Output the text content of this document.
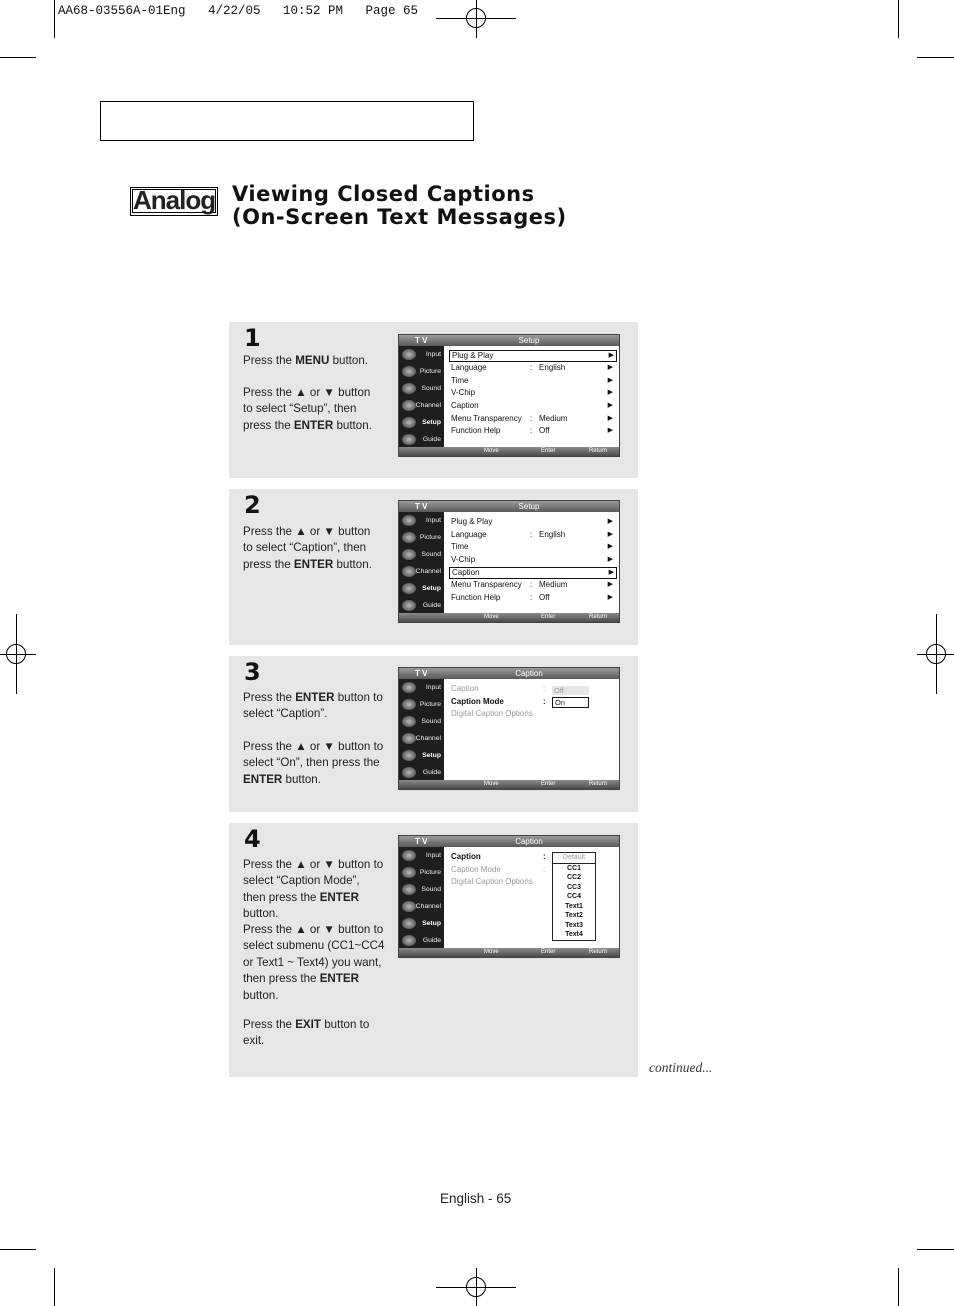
AA68-03556A-01Eng   4/22/05   10:52 PM   Page 65
Analog Viewing Closed Captions
(On-Screen Text Messages)
1
Press the MENU button.
Press the ▲ or ▼ button
to select “Setup”, then
press the ENTER button.
T V	Setup
Input
Picture
Sound
Channel
Setup
Guide
Plug & Play	▶
Language	: English	▶
Time	▶
V-Chip	▶
Caption	▶
Menu Transparency : Medium	▶
Function Help	: Off	▶
Move	Enter	Return
2
Press the ▲ or ▼ button
to select “Caption”, then
press the ENTER button.
T V	Setup
Input
Picture
Sound
Channel
Setup
Guide
Plug & Play	▶
Language	: English	▶
Time	▶
V-Chip	▶
Caption	▶
Menu Transparency : Medium	▶
Function Help	: Off	▶
Move	Enter	Return
3
Press the ENTER button to
select “Caption”.
Press the ▲ or ▼ button to
select “On”, then press the
ENTER button.
T V	Caption
Input
Picture
Sound
Channel
Setup
Guide
Caption	:
Caption Mode	:
Digital Caption Options
Off
On
Move	Enter	Return
4
Press the ▲ or ▼ button to
select “Caption Mode”,
then press the ENTER
button.
Press the ▲ or ▼ button to
select submenu (CC1~CC4
or Text1 ~ Text4) you want,
then press the ENTER
button.
Press the EXIT button to
exit.
T V	Caption
Input
Picture
Sound
Channel
Setup
Guide
Caption	:
Caption Mode	:
Digital Caption Options
Default
CC1
CC2
CC3
CC4
Text1
Text2
Text3
Text4
Move	Enter	Return
continued...
English - 65
